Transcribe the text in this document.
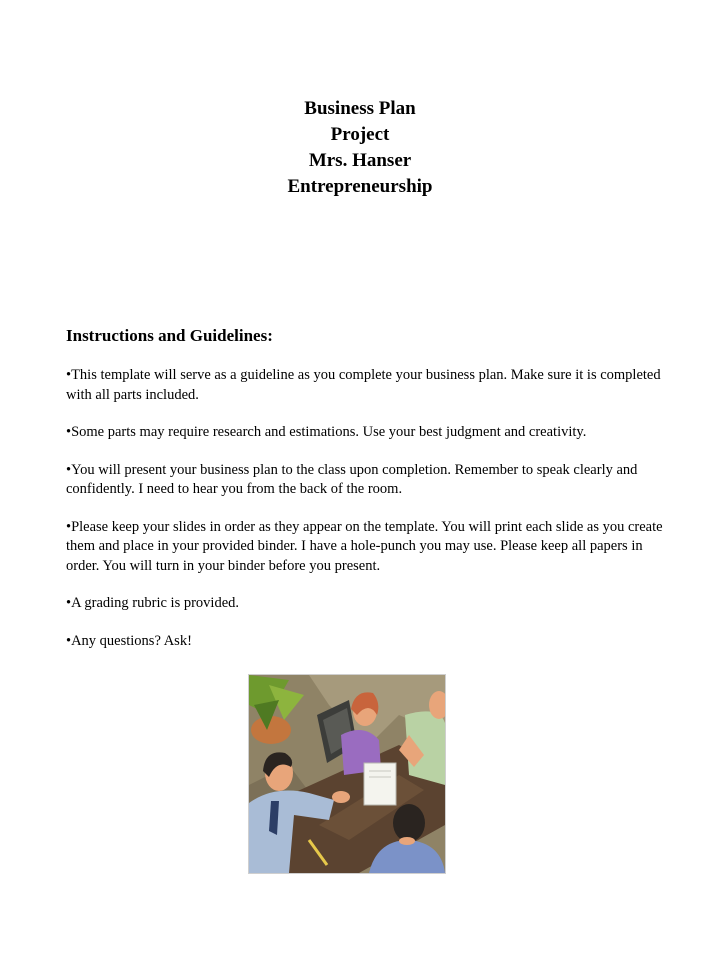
Business Plan
Project
Mrs. Hanser
Entrepreneurship

Instructions and Guidelines:

•This template will serve as a guideline as you complete your business plan. Make sure it is completed with all parts included.

•Some parts may require research and estimations. Use your best judgment and creativity.

•You will present your business plan to the class upon completion. Remember to speak clearly and confidently. I need to hear you from the back of the room.

•Please keep your slides in order as they appear on the template. You will print each slide as you create them and place in your provided binder. I have a hole-punch you may use. Please keep all papers in order. You will turn in your binder before you present.

•A grading rubric is provided.

•Any questions? Ask!
